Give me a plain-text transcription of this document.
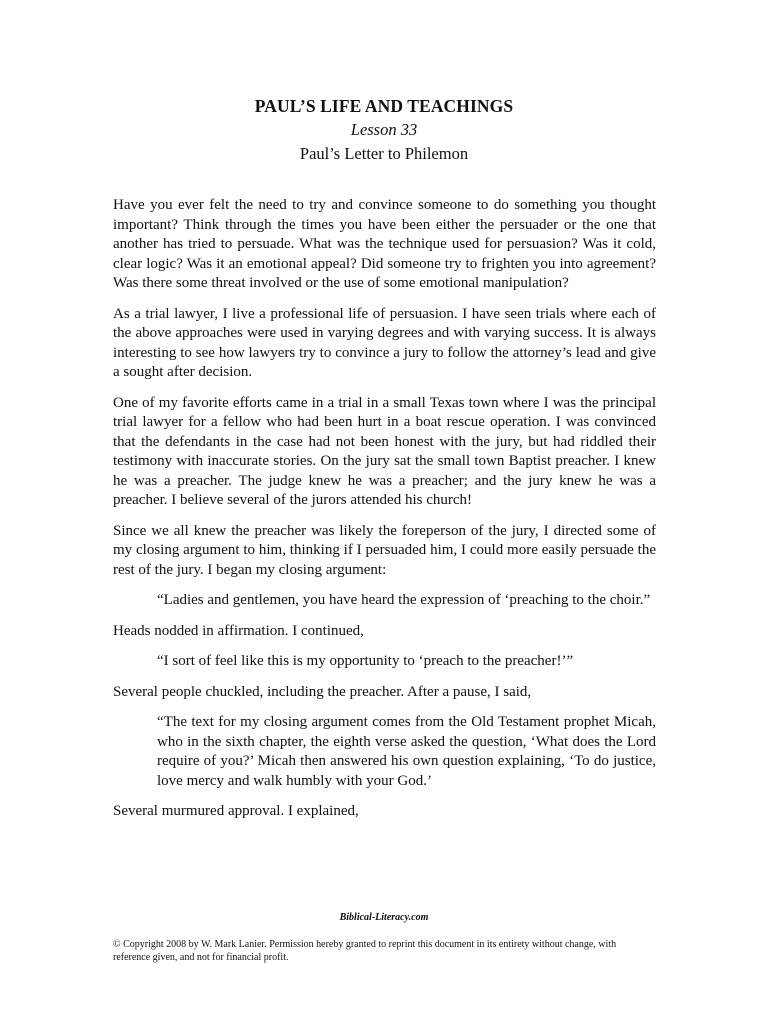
PAUL’S LIFE AND TEACHINGS

Lesson 33

Paul’s Letter to Philemon

Have you ever felt the need to try and convince someone to do something you thought important? Think through the times you have been either the persuader or the one that another has tried to persuade. What was the technique used for persuasion? Was it cold, clear logic? Was it an emotional appeal? Did someone try to frighten you into agreement? Was there some threat involved or the use of some emotional manipulation?

As a trial lawyer, I live a professional life of persuasion. I have seen trials where each of the above approaches were used in varying degrees and with varying success. It is always interesting to see how lawyers try to convince a jury to follow the attorney’s lead and give a sought after decision.

One of my favorite efforts came in a trial in a small Texas town where I was the principal trial lawyer for a fellow who had been hurt in a boat rescue operation. I was convinced that the defendants in the case had not been honest with the jury, but had riddled their testimony with inaccurate stories. On the jury sat the small town Baptist preacher. I knew he was a preacher. The judge knew he was a preacher; and the jury knew he was a preacher. I believe several of the jurors attended his church!

Since we all knew the preacher was likely the foreperson of the jury, I directed some of my closing argument to him, thinking if I persuaded him, I could more easily persuade the rest of the jury. I began my closing argument:

“Ladies and gentlemen, you have heard the expression of ‘preaching to the choir.”

Heads nodded in affirmation. I continued,

“I sort of feel like this is my opportunity to ‘preach to the preacher!’”

Several people chuckled, including the preacher. After a pause, I said,

“The text for my closing argument comes from the Old Testament prophet Micah, who in the sixth chapter, the eighth verse asked the question, ‘What does the Lord require of you?’ Micah then answered his own question explaining, ‘To do justice, love mercy and walk humbly with your God.’

Several murmured approval. I explained,

Biblical-Literacy.com
© Copyright 2008 by W. Mark Lanier. Permission hereby granted to reprint this document in its entirety without change, with reference given, and not for financial profit.
